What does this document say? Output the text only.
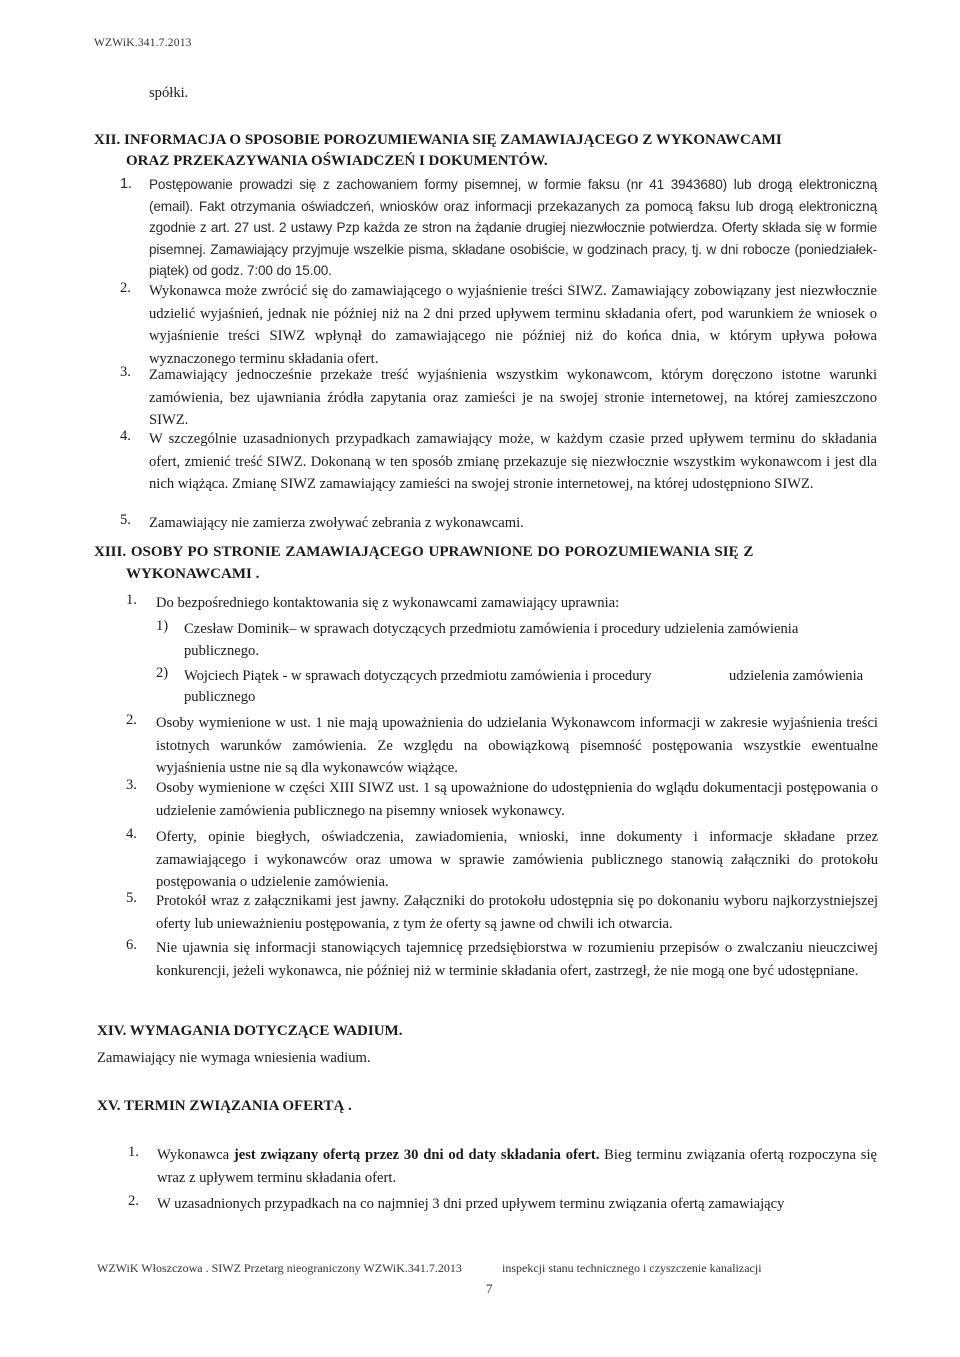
WZWiK.341.7.2013
spółki.
XII. INFORMACJA O SPOSOBIE POROZUMIEWANIA SIĘ ZAMAWIAJĄCEGO Z WYKONAWCAMI
ORAZ PRZEKAZYWANIA OŚWIADCZEŃ I DOKUMENTÓW.
1. Postępowanie prowadzi się z zachowaniem formy pisemnej, w formie faksu (nr 41 3943680) lub drogą elektroniczną (email). Fakt otrzymania oświadczeń, wniosków oraz informacji przekazanych za pomocą faksu lub drogą elektroniczną zgodnie z art. 27 ust. 2 ustawy Pzp każda ze stron na żądanie drugiej niezwłocznie potwierdza. Oferty składa się w formie pisemnej. Zamawiający przyjmuje wszelkie pisma, składane osobiście, w godzinach pracy, tj. w dni robocze (poniedziałek-piątek) od godz. 7:00 do 15.00.
2. Wykonawca może zwrócić się do zamawiającego o wyjaśnienie treści SIWZ. Zamawiający zobowiązany jest niezwłocznie udzielić wyjaśnień, jednak nie później niż na 2 dni przed upływem terminu składania ofert, pod warunkiem że wniosek o wyjaśnienie treści SIWZ wpłynął do zamawiającego nie później niż do końca dnia, w którym upływa połowa wyznaczonego terminu składania ofert.
3. Zamawiający jednocześnie przekaże treść wyjaśnienia wszystkim wykonawcom, którym doręczono istotne warunki zamówienia, bez ujawniania źródła zapytania oraz zamieści je na swojej stronie internetowej, na której zamieszczono SIWZ.
4. W szczególnie uzasadnionych przypadkach zamawiający może, w każdym czasie przed upływem terminu do składania ofert, zmienić treść SIWZ. Dokonaną w ten sposób zmianę przekazuje się niezwłocznie wszystkim wykonawcom i jest dla nich wiążąca. Zmianę SIWZ zamawiający zamieści na swojej stronie internetowej, na której udostępniono SIWZ.
5. Zamawiający nie zamierza zwoływać zebrania z wykonawcami.
XIII. OSOBY PO STRONIE ZAMAWIAJĄCEGO UPRAWNIONE DO POROZUMIEWANIA SIĘ Z
WYKONAWCAMI .
1. Do bezpośredniego kontaktowania się z wykonawcami zamawiający uprawnia:
1) Czesław Dominik– w sprawach dotyczących przedmiotu zamówienia i procedury udzielenia zamówienia
publicznego.
2) Wojciech Piątek - w sprawach dotyczących przedmiotu zamówienia i procedury	udzielenia zamówienia
publicznego
2. Osoby wymienione w ust. 1 nie mają upoważnienia do udzielania Wykonawcom informacji w zakresie wyjaśnienia treści istotnych warunków zamówienia. Ze względu na obowiązkową pisemność postępowania wszystkie ewentualne wyjaśnienia ustne nie są dla wykonawców wiążące.
3. Osoby wymienione w części XIII SIWZ ust. 1 są upoważnione do udostępnienia do wglądu dokumentacji postępowania o udzielenie zamówienia publicznego na pisemny wniosek wykonawcy.
4. Oferty, opinie biegłych, oświadczenia, zawiadomienia, wnioski, inne dokumenty i informacje składane przez zamawiającego i wykonawców oraz umowa w sprawie zamówienia publicznego stanowią załączniki do protokołu postępowania o udzielenie zamówienia.
5. Protokół wraz z załącznikami jest jawny. Załączniki do protokołu udostępnia się po dokonaniu wyboru najkorzystniejszej oferty lub unieważnieniu postępowania, z tym że oferty są jawne od chwili ich otwarcia.
6. Nie ujawnia się informacji stanowiących tajemnicę przedsiębiorstwa w rozumieniu przepisów o zwalczaniu nieuczciwej konkurencji, jeżeli wykonawca, nie później niż w terminie składania ofert, zastrzegł, że nie mogą one być udostępniane.
XIV. WYMAGANIA DOTYCZĄCE WADIUM.
Zamawiający nie wymaga wniesienia wadium.
XV. TERMIN ZWIĄZANIA OFERTĄ .
1. Wykonawca jest związany ofertą przez 30 dni od daty składania ofert. Bieg terminu związania ofertą rozpoczyna się wraz z upływem terminu składania ofert.
2. W uzasadnionych przypadkach na co najmniej 3 dni przed upływem terminu związania ofertą zamawiający
WZWiK Włoszczowa . SIWZ Przetarg nieograniczony WZWiK.341.7.2013	inspekcji stanu technicznego i czyszczenie kanalizacji
7
